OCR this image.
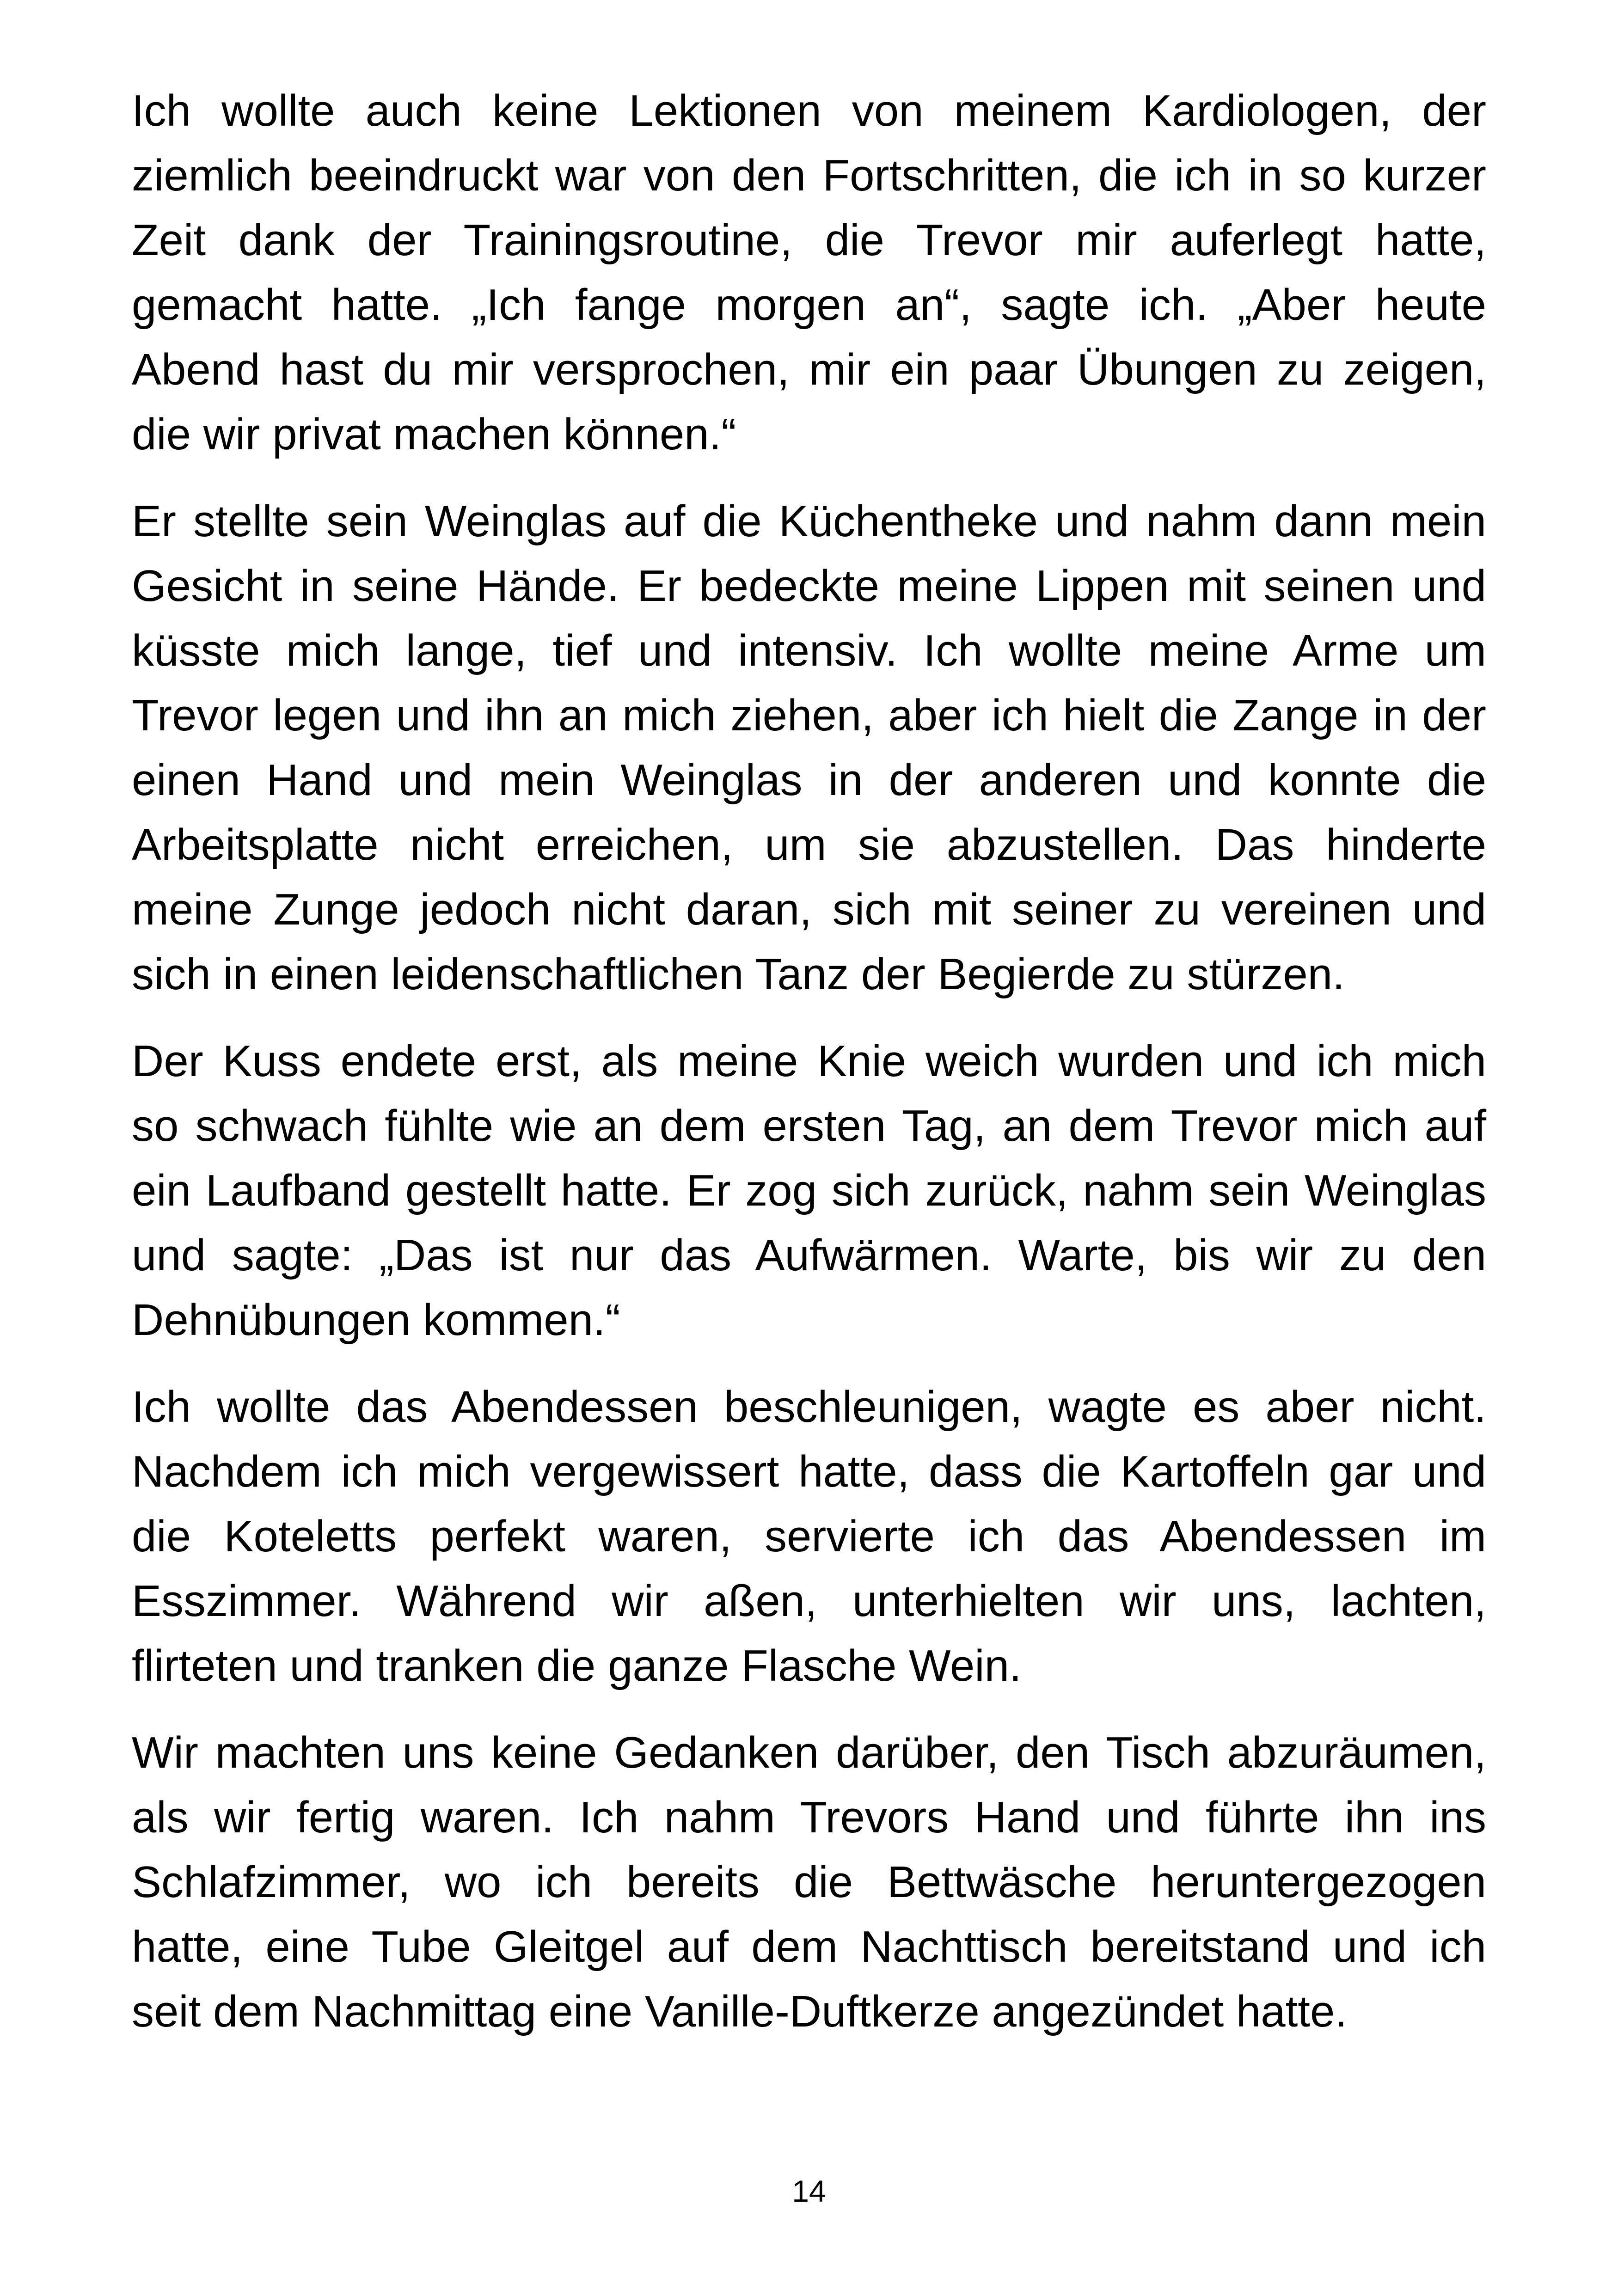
Ich wollte auch keine Lektionen von meinem Kardiologen, der
ziemlich beeindruckt war von den Fortschritten, die ich in so kurzer
Zeit dank der Trainingsroutine, die Trevor mir auferlegt hatte,
gemacht hatte. „Ich fange morgen an“, sagte ich. „Aber heute
Abend hast du mir versprochen, mir ein paar Übungen zu zeigen,
die wir privat machen können.“

Er stellte sein Weinglas auf die Küchentheke und nahm dann mein
Gesicht in seine Hände. Er bedeckte meine Lippen mit seinen und
küsste mich lange, tief und intensiv. Ich wollte meine Arme um
Trevor legen und ihn an mich ziehen, aber ich hielt die Zange in der
einen Hand und mein Weinglas in der anderen und konnte die
Arbeitsplatte nicht erreichen, um sie abzustellen. Das hinderte
meine Zunge jedoch nicht daran, sich mit seiner zu vereinen und
sich in einen leidenschaftlichen Tanz der Begierde zu stürzen.

Der Kuss endete erst, als meine Knie weich wurden und ich mich
so schwach fühlte wie an dem ersten Tag, an dem Trevor mich auf
ein Laufband gestellt hatte. Er zog sich zurück, nahm sein Weinglas
und sagte: „Das ist nur das Aufwärmen. Warte, bis wir zu den
Dehnübungen kommen.“

Ich wollte das Abendessen beschleunigen, wagte es aber nicht.
Nachdem ich mich vergewissert hatte, dass die Kartoffeln gar und
die Koteletts perfekt waren, servierte ich das Abendessen im
Esszimmer. Während wir aßen, unterhielten wir uns, lachten,
flirteten und tranken die ganze Flasche Wein.

Wir machten uns keine Gedanken darüber, den Tisch abzuräumen,
als wir fertig waren. Ich nahm Trevors Hand und führte ihn ins
Schlafzimmer, wo ich bereits die Bettwäsche heruntergezogen
hatte, eine Tube Gleitgel auf dem Nachttisch bereitstand und ich
seit dem Nachmittag eine Vanille-Duftkerze angezündet hatte.

14
